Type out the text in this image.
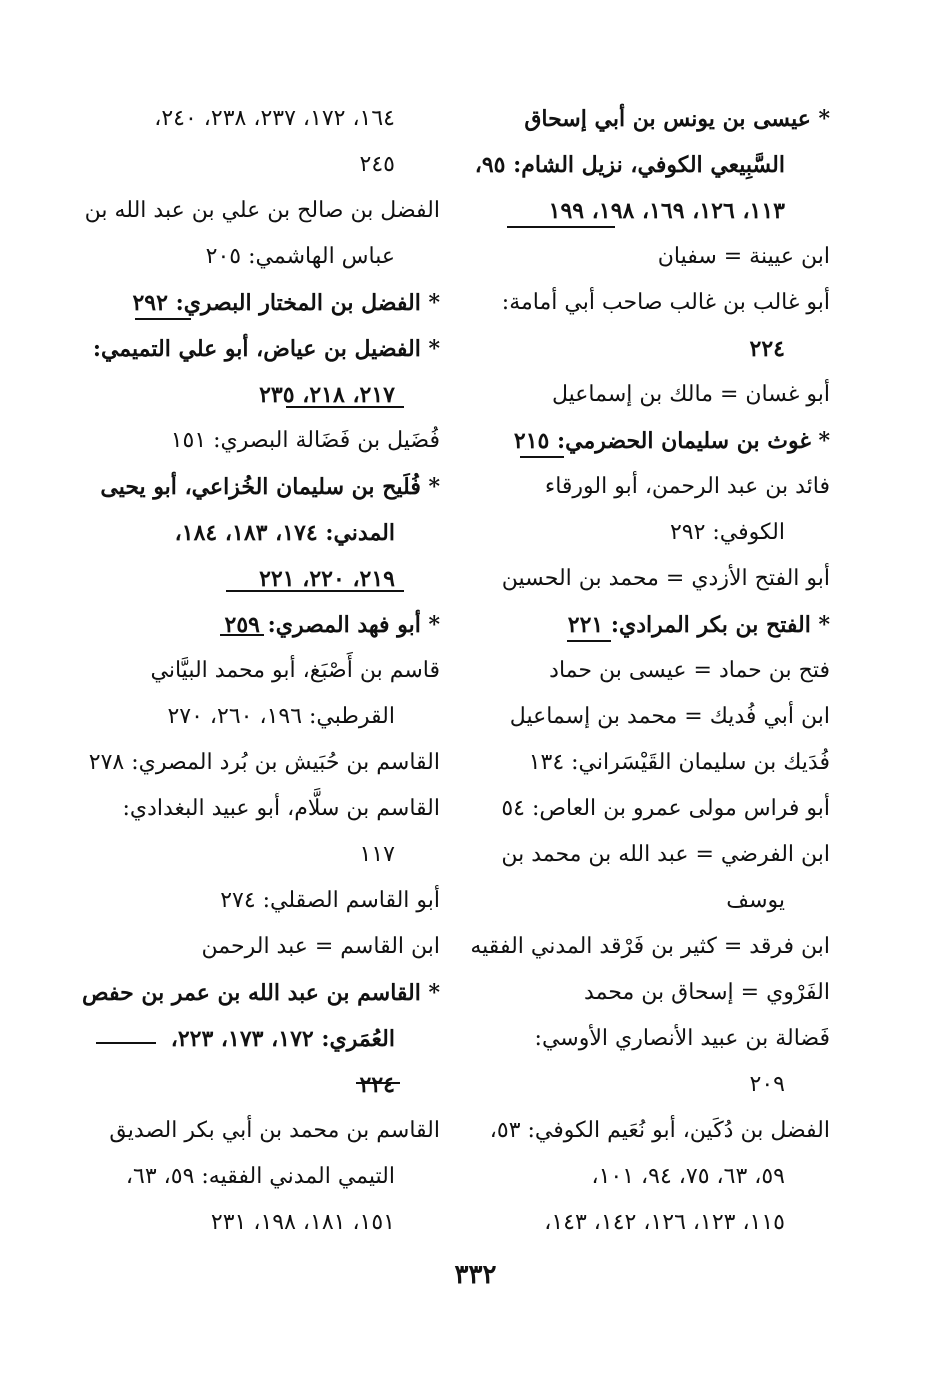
* عيسى بن يونس بن أبي إسحاق
السَّبِيعي الكوفي، نزيل الشام: ٩٥،
١١٣، ١٢٦، ١٦٩، ١٩٨، ١٩٩
ابن عيينة = سفيان
أبو غالب بن غالب صاحب أبي أمامة:
٢٢٤
أبو غسان = مالك بن إسماعيل
* غوث بن سليمان الحضرمي: ٢١٥
فائد بن عبد الرحمن، أبو الورقاء
الكوفي: ٢٩٢
أبو الفتح الأزدي = محمد بن الحسين
* الفتح بن بكر المرادي: ٢٢١
فتح بن حماد = عيسى بن حماد
ابن أبي فُديك = محمد بن إسماعيل
فُدَيك بن سليمان القَيْسَراني: ١٣٤
أبو فراس مولى عمرو بن العاص: ٥٤
ابن الفرضي = عبد الله بن محمد بن
يوسف
ابن فرقد = كثير بن فَرْقد المدني الفقيه
الفَرْوي = إسحاق بن محمد
فَضالة بن عبيد الأنصاري الأوسي:
٢٠٩
الفضل بن دُكَين، أبو نُعَيم الكوفي: ٥٣،
٥٩، ٦٣، ٧٥، ٩٤، ١٠١،
١١٥، ١٢٣، ١٢٦، ١٤٢، ١٤٣،
١٦٤، ١٧٢، ٢٣٧، ٢٣٨، ٢٤٠،
٢٤٥
الفضل بن صالح بن علي بن عبد الله بن
عباس الهاشمي: ٢٠٥
* الفضل بن المختار البصري: ٢٩٢
* الفضيل بن عياض، أبو علي التميمي:
٢١٧، ٢١٨، ٢٣٥
فُضَيل بن فَضَالة البصري: ١٥١
* فُلَيح بن سليمان الخُزاعي، أبو يحيى
المدني: ١٧٤، ١٨٣، ١٨٤،
٢١٩، ٢٢٠، ٢٢١
* أبو فهد المصري: ٢٥٩
قاسم بن أَصْبَغ، أبو محمد البيَّاني
القرطبي: ١٩٦، ٢٦٠، ٢٧٠
القاسم بن حُبَيش بن بُرد المصري: ٢٧٨
القاسم بن سلَّام، أبو عبيد البغدادي:
١١٧
أبو القاسم الصقلي: ٢٧٤
ابن القاسم = عبد الرحمن
* القاسم بن عبد الله بن عمر بن حفص
العُمَري: ١٧٢، ١٧٣، ٢٢٣،
٢٢٤
القاسم بن محمد بن أبي بكر الصديق
التيمي المدني الفقيه: ٥٩، ٦٣،
١٥١، ١٨١، ١٩٨، ٢٣١
٣٣٢
